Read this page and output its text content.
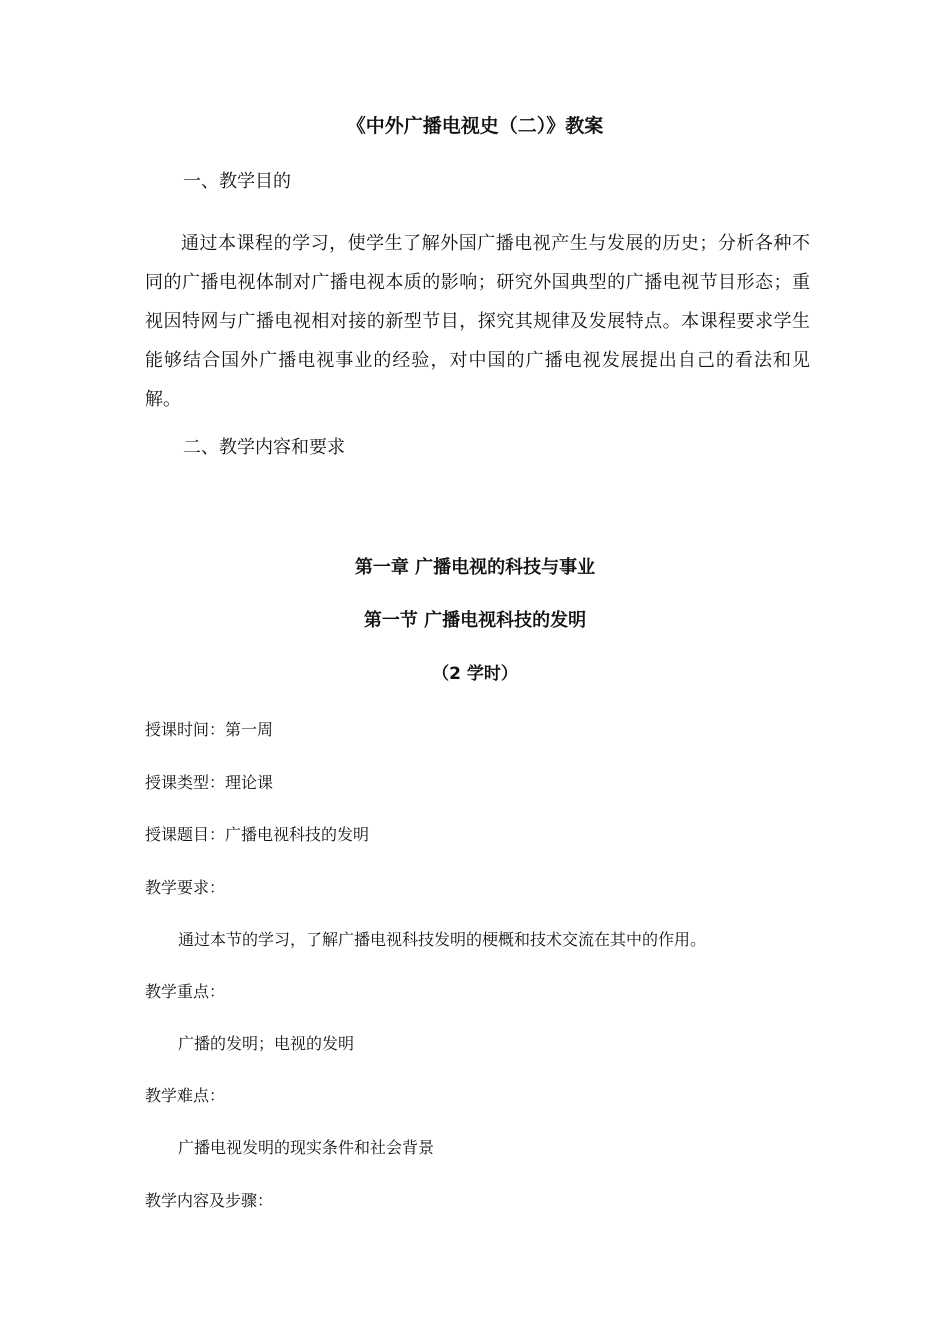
《中外广播电视史（二）》教案
一、教学目的

通过本课程的学习，使学生了解外国广播电视产生与发展的历史；分析各种不同的广播电视体制对广播电视本质的影响；研究外国典型的广播电视节目形态；重视因特网与广播电视相对接的新型节目，探究其规律及发展特点。本课程要求学生能够结合国外广播电视事业的经验，对中国的广播电视发展提出自己的看法和见解。

二、教学内容和要求
第一章 广播电视的科技与事业
第一节 广播电视科技的发明
（2 学时）
授课时间：第一周
授课类型：理论课
授课题目：广播电视科技的发明
教学要求：
通过本节的学习，了解广播电视科技发明的梗概和技术交流在其中的作用。
教学重点：
广播的发明；电视的发明
教学难点：
广播电视发明的现实条件和社会背景
教学内容及步骤：
